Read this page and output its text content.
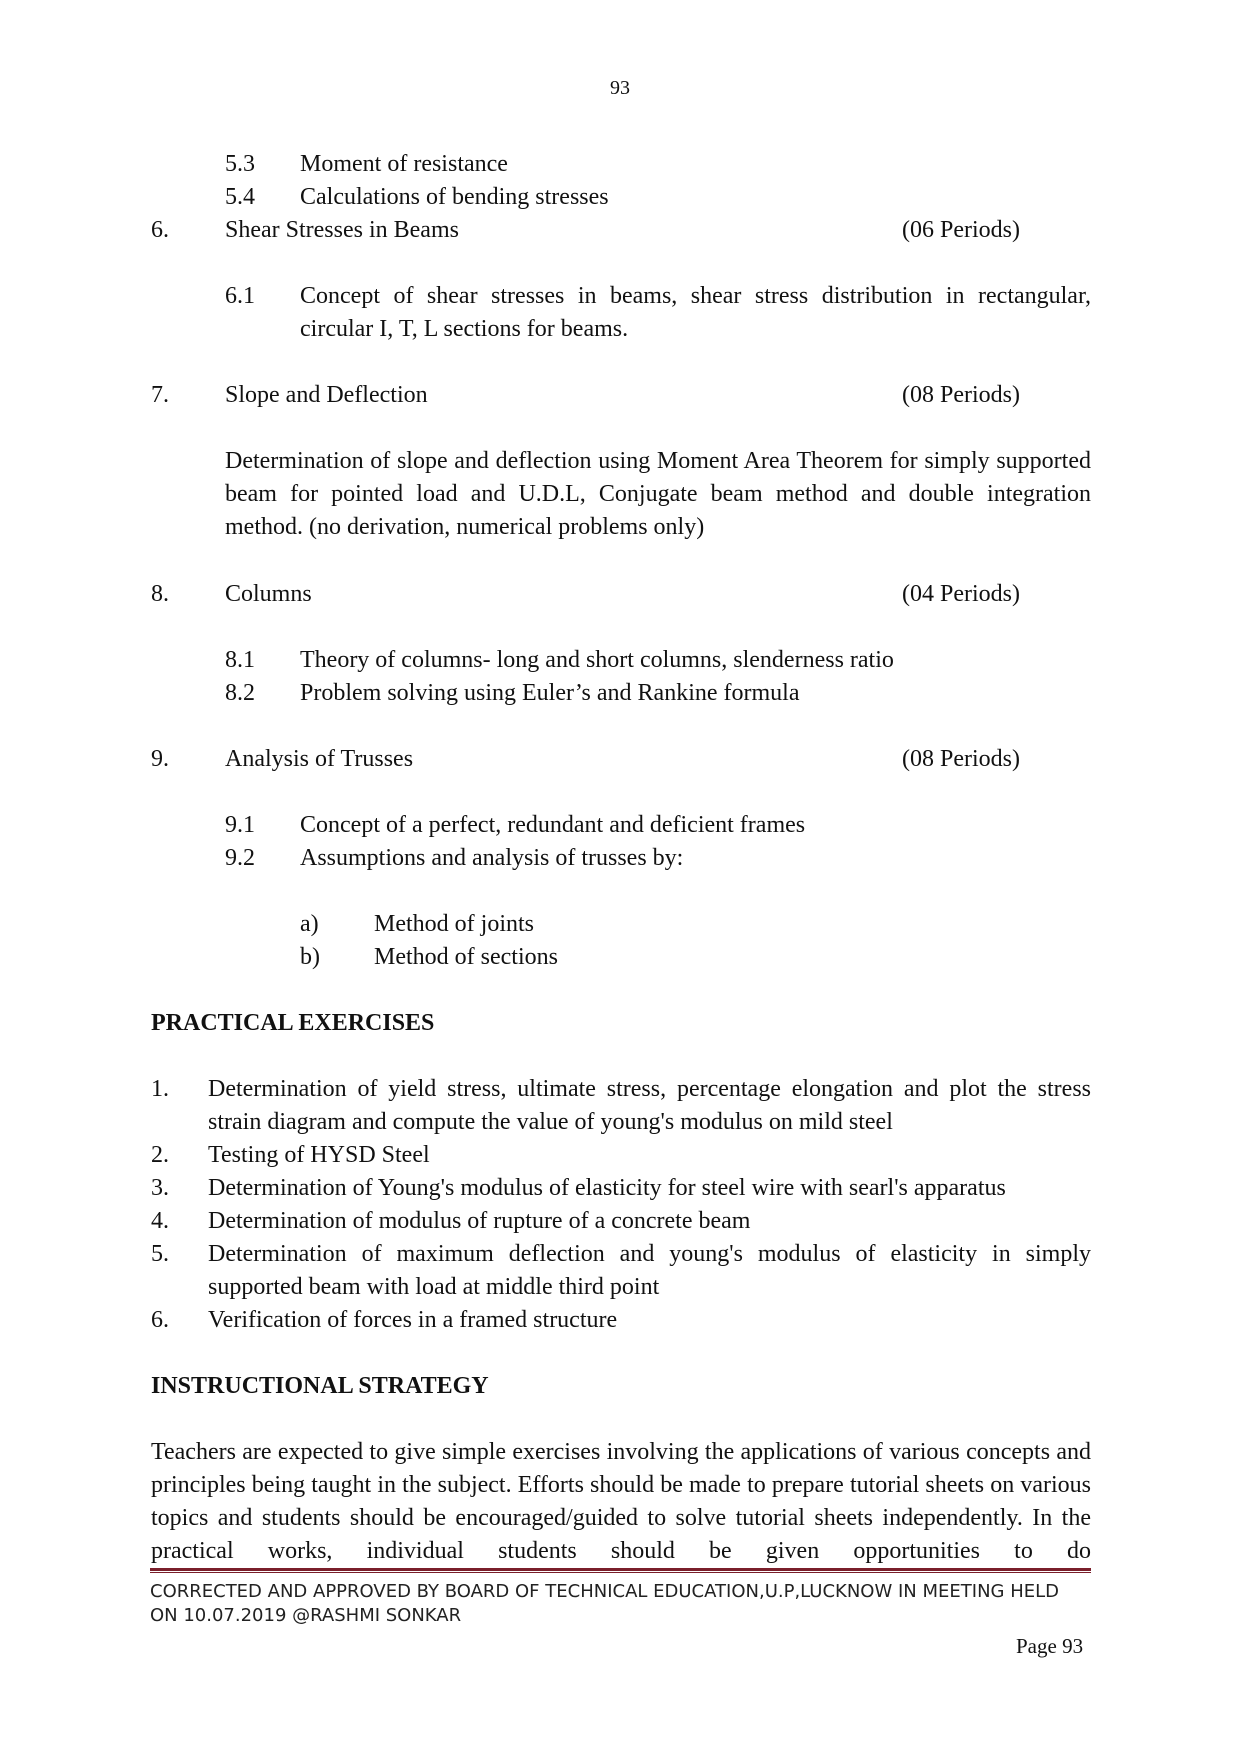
93
5.3 Moment of resistance
5.4 Calculations of bending stresses
6. Shear Stresses in Beams	(06 Periods)
6.1 Concept of shear stresses in beams, shear stress distribution in rectangular, circular I, T, L sections for beams.
7. Slope and Deflection	(08 Periods)
Determination of slope and deflection using Moment Area Theorem for simply supported beam for pointed load and U.D.L, Conjugate beam method and double integration method. (no derivation, numerical problems only)
8. Columns	(04 Periods)
8.1 Theory of columns- long and short columns, slenderness ratio
8.2 Problem solving using Euler’s and Rankine formula
9. Analysis of Trusses	(08 Periods)
9.1 Concept of a perfect, redundant and deficient frames
9.2 Assumptions and analysis of trusses by:
a) Method of joints
b) Method of sections
PRACTICAL EXERCISES
1. Determination of yield stress, ultimate stress, percentage elongation and plot the stress strain diagram and compute the value of young's modulus on mild steel
2. Testing of HYSD Steel
3. Determination of Young's modulus of elasticity for steel wire with searl's apparatus
4. Determination of modulus of rupture of a concrete beam
5. Determination of maximum deflection and young's modulus of elasticity in simply supported beam with load at middle third point
6. Verification of forces in a framed structure
INSTRUCTIONAL STRATEGY
Teachers are expected to give simple exercises involving the applications of various concepts and principles being taught in the subject. Efforts should be made to prepare tutorial sheets on various topics and students should be encouraged/guided to solve tutorial sheets independently. In the practical works, individual students should be given opportunities to do
CORRECTED AND APPROVED BY BOARD OF TECHNICAL EDUCATION,U.P,LUCKNOW IN MEETING HELD ON 10.07.2019 @RASHMI SONKAR
Page 93
